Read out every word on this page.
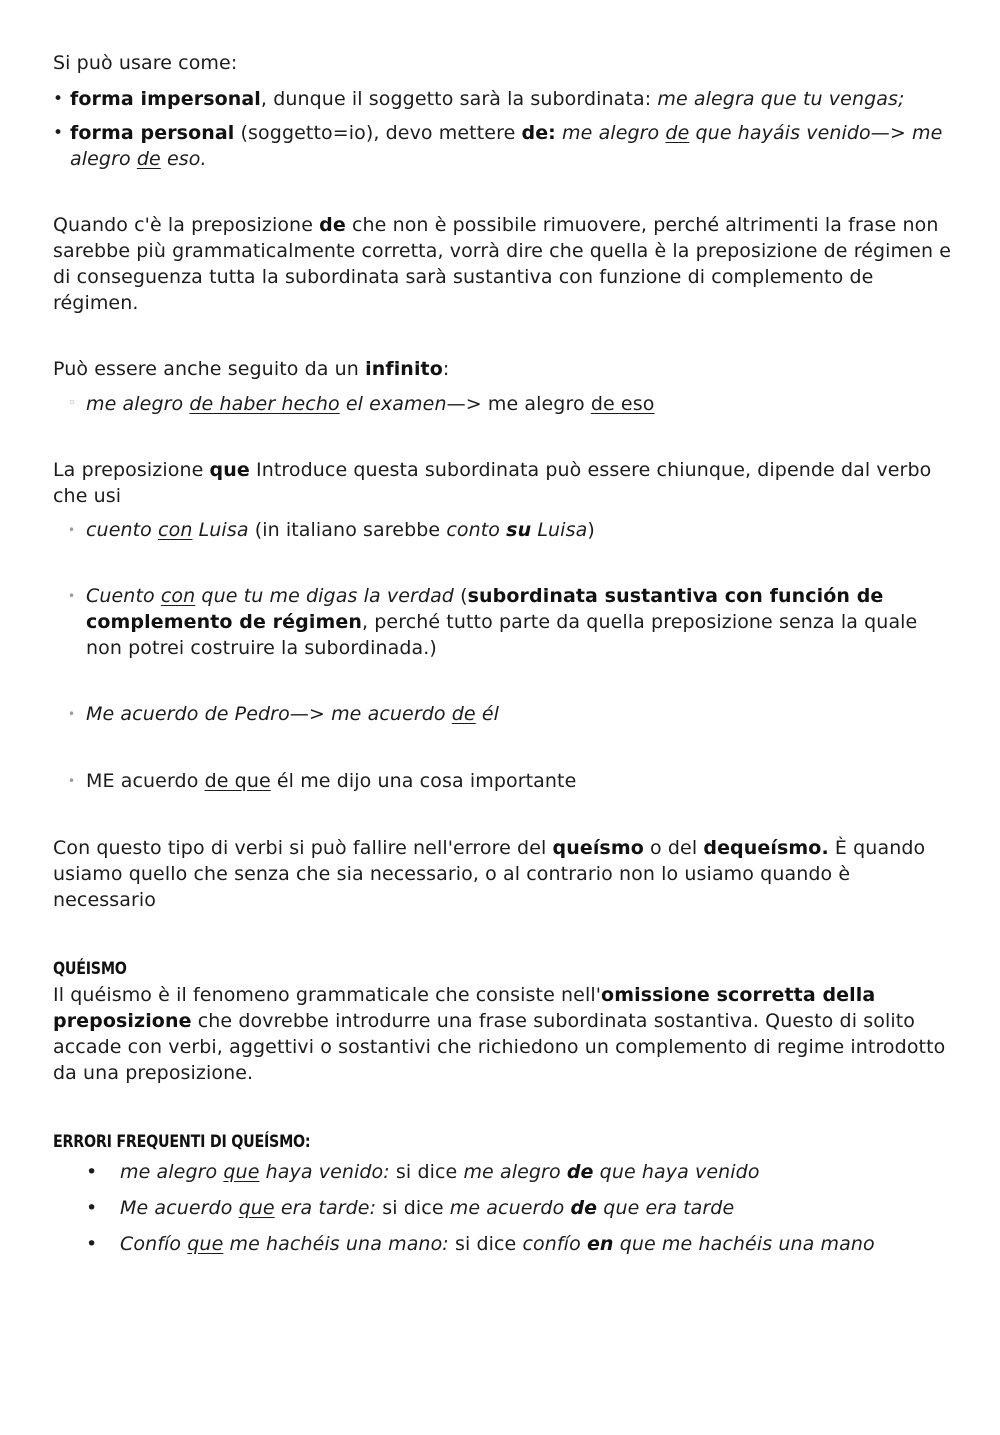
Si può usare come:

• forma impersonal, dunque il soggetto sarà la subordinata: me alegra que tu vengas;
• forma personal (soggetto=io), devo mettere de: me alegro de que hayáis venido—> me alegro de eso.

Quando c'è la preposizione de che non è possibile rimuovere, perché altrimenti la frase non sarebbe più grammaticalmente corretta, vorrà dire che quella è la preposizione de régimen e di conseguenza tutta la subordinata sarà sustantiva con funzione di complemento de régimen.

Può essere anche seguito da un infinito:

◦ me alegro de haber hecho el examen—> me alegro de eso

La preposizione que Introduce questa subordinata può essere chiunque, dipende dal verbo che usi

• cuento con Luisa (in italiano sarebbe conto su Luisa)
• Cuento con que tu me digas la verdad (subordinata sustantiva con función de complemento de régimen, perché tutto parte da quella preposizione senza la quale non potrei costruire la subordinada.)
• Me acuerdo de Pedro—> me acuerdo de él
• ME acuerdo de que él me dijo una cosa importante

Con questo tipo di verbi si può fallire nell'errore del queísmo o del dequeísmo. È quando usiamo quello che senza che sia necessario, o al contrario non lo usiamo quando è necessario

QUÉISMO

Il quéismo è il fenomeno grammaticale che consiste nell'omissione scorretta della preposizione che dovrebbe introdurre una frase subordinata sostantiva. Questo di solito accade con verbi, aggettivi o sostantivi che richiedono un complemento di regime introdotto da una preposizione.

ERRORI FREQUENTI DI QUEÍSMO:
• me alegro que haya venido: si dice me alegro de que haya venido
• Me acuerdo que era tarde: si dice me acuerdo de que era tarde
• Confío que me hachéis una mano: si dice confío en que me hachéis una mano
